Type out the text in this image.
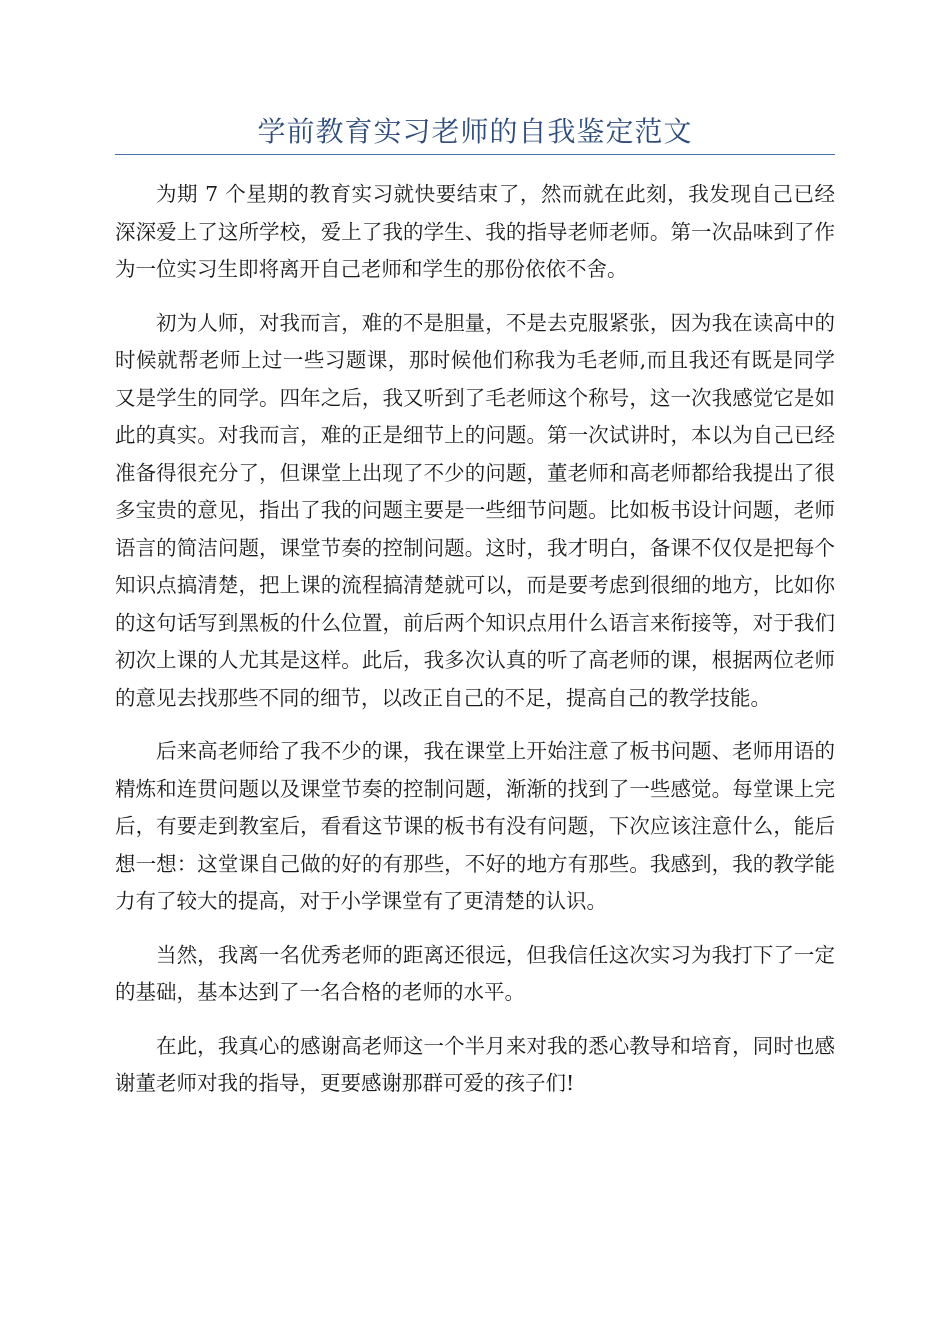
学前教育实习老师的自我鉴定范文

为期 7 个星期的教育实习就快要结束了，然而就在此刻，我发现自己已经深深爱上了这所学校，爱上了我的学生、我的指导老师老师。第一次品味到了作为一位实习生即将离开自己老师和学生的那份依依不舍。

初为人师，对我而言，难的不是胆量，不是去克服紧张，因为我在读高中的时候就帮老师上过一些习题课，那时候他们称我为毛老师,而且我还有既是同学又是学生的同学。四年之后，我又听到了毛老师这个称号，这一次我感觉它是如此的真实。对我而言，难的正是细节上的问题。第一次试讲时，本以为自己已经准备得很充分了，但课堂上出现了不少的问题，董老师和高老师都给我提出了很多宝贵的意见，指出了我的问题主要是一些细节问题。比如板书设计问题，老师语言的简洁问题，课堂节奏的控制问题。这时，我才明白，备课不仅仅是把每个知识点搞清楚，把上课的流程搞清楚就可以，而是要考虑到很细的地方，比如你的这句话写到黑板的什么位置，前后两个知识点用什么语言来衔接等，对于我们初次上课的人尤其是这样。此后，我多次认真的听了高老师的课，根据两位老师的意见去找那些不同的细节，以改正自己的不足，提高自己的教学技能。

后来高老师给了我不少的课，我在课堂上开始注意了板书问题、老师用语的精炼和连贯问题以及课堂节奏的控制问题，渐渐的找到了一些感觉。每堂课上完后，有要走到教室后，看看这节课的板书有没有问题，下次应该注意什么，能后想一想：这堂课自己做的好的有那些，不好的地方有那些。我感到，我的教学能力有了较大的提高，对于小学课堂有了更清楚的认识。

当然，我离一名优秀老师的距离还很远，但我信任这次实习为我打下了一定的基础，基本达到了一名合格的老师的水平。

在此，我真心的感谢高老师这一个半月来对我的悉心教导和培育，同时也感谢董老师对我的指导，更要感谢那群可爱的孩子们!
